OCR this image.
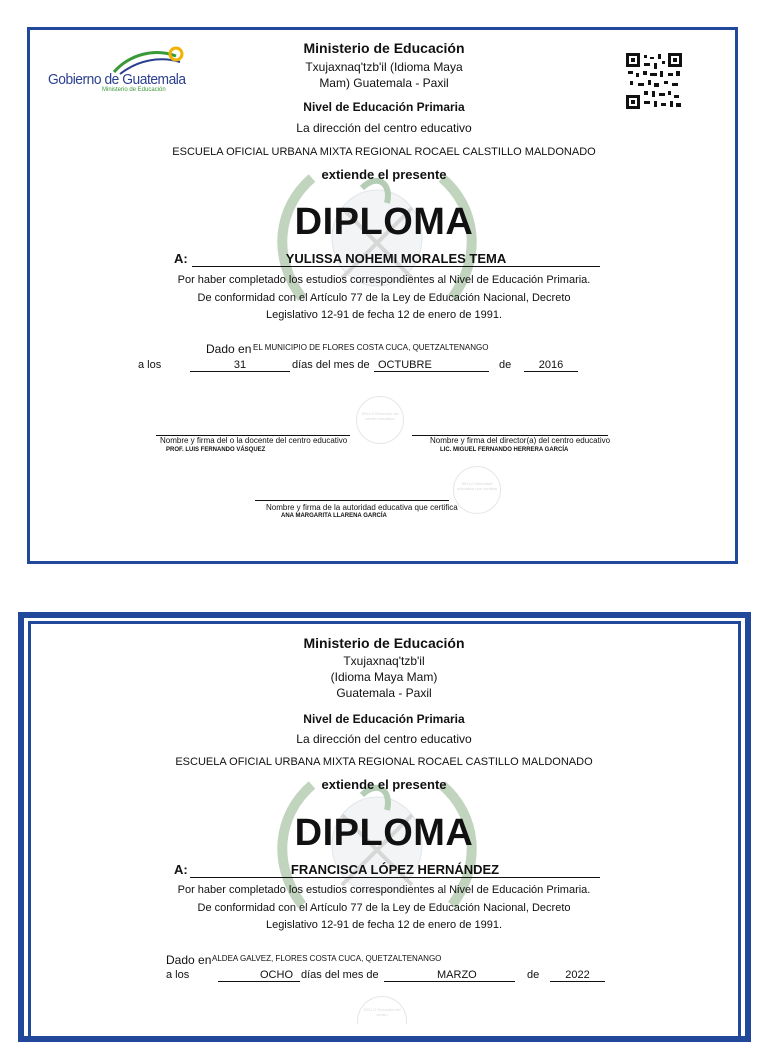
Gobierno de Guatemala
Ministerio de Educación
Ministerio de Educación
Txujaxnaq'tzb'il (Idioma Maya
Mam) Guatemala - Paxil
Nivel de Educación Primaria
La dirección del centro educativo
ESCUELA OFICIAL URBANA MIXTA REGIONAL ROCAEL CALSTILLO MALDONADO
extiende el presente
DIPLOMA
A:	YULISSA NOHEMI MORALES TEMA
Por haber completado los estudios correspondientes al Nivel de Educación Primaria.
De conformidad con el Artículo 77 de la Ley de Educación Nacional, Decreto
Legislativo 12-91 de fecha 12 de enero de 1991.
Dado en EL MUNICIPIO DE FLORES COSTA CUCA, QUETZALTENANGO
a los	31	días del mes de OCTUBRE	de	2016
SELLO Dirección del centro educativo
Nombre y firma del o la docente del centro educativo
PROF. LUIS FERNANDO VÁSQUEZ
Nombre y firma del director(a) del centro educativo
LIC. MIGUEL FERNANDO HERRERA GARCÍA
SELLO Autoridad educativa que certifica
Nombre y firma de la autoridad educativa que certifica
ANA MARGARITA LLARENA GARCÍA
Ministerio de Educación
Txujaxnaq'tzb'il
(Idioma Maya Mam)
Guatemala - Paxil
Nivel de Educación Primaria
La dirección del centro educativo
ESCUELA OFICIAL URBANA MIXTA REGIONAL ROCAEL CASTILLO MALDONADO
extiende el presente
DIPLOMA
A:	FRANCISCA LÓPEZ HERNÁNDEZ
Por haber completado los estudios correspondientes al Nivel de Educación Primaria.
De conformidad con el Artículo 77 de la Ley de Educación Nacional, Decreto
Legislativo 12-91 de fecha 12 de enero de 1991.
Dado en ALDEA GALVEZ, FLORES COSTA CUCA, QUETZALTENANGO
a los	OCHO días del mes de	MARZO	de	2022
SELLO Dirección del centro
